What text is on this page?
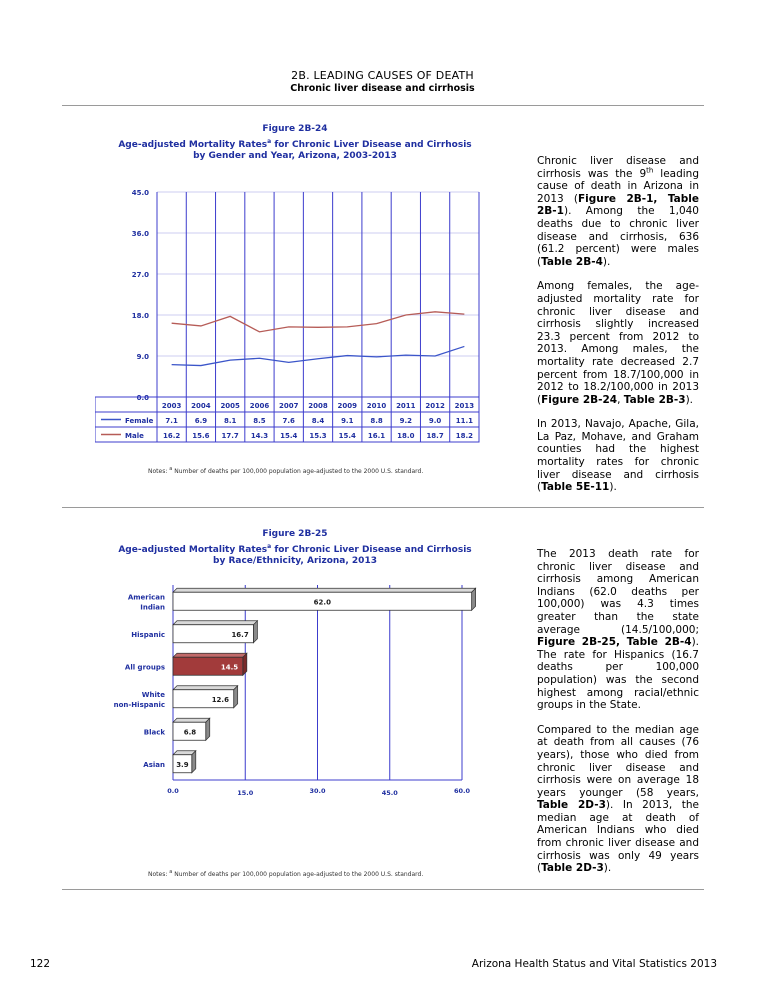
2B. LEADING CAUSES OF DEATH
Chronic liver disease and cirrhosis
Figure 2B-24
Age-adjusted Mortality Rates$^a$ for Chronic Liver Disease and Cirrhosis
by Gender and Year, Arizona, 2003-2013
0.0
9.0
18.0
27.0
36.0
45.0
2003 2004 2005 2006 2007 2008 2009 2010 2011 2012 2013
Female 7.1 6.9 8.1 8.5 7.6 8.4 9.1 8.8 9.2 9.0 11.1
Male	16.2 15.6 17.7 14.3 15.4 15.3 15.4 16.1 18.0 18.7 18.2
Notes: $^a$ Number of deaths per 100,000 population age-adjusted to the 2000 U.S. standard.
Figure 2B-25
Age-adjusted Mortality Rates$^a$ for Chronic Liver Disease and Cirrhosis
by Race/Ethnicity, Arizona, 2013
0.0	15.0	30.0	45.0	60.0
62.0
American
Indian
16.7
Hispanic
14.5
All groups
12.6
White
non-Hispanic
6.8
Black
3.9
Asian
Notes: $^a$ Number of deaths per 100,000 population age-adjusted to the 2000 U.S. standard.

Chronic liver disease and cirrhosis was the 9th leading cause of death in Arizona in 2013 (Figure 2B-1, Table 2B-1). Among the 1,040 deaths due to chronic liver disease and cirrhosis, 636 (61.2 percent) were males (Table 2B-4).

Among females, the age-adjusted mortality rate for chronic liver disease and cirrhosis slightly increased 23.3 percent from 2012 to 2013. Among males, the mortality rate decreased 2.7 percent from 18.7/100,000 in 2012 to 18.2/100,000 in 2013 (Figure 2B-24, Table 2B-3).

In 2013, Navajo, Apache, Gila, La Paz, Mohave, and Graham counties had the highest mortality rates for chronic liver disease and cirrhosis (Table 5E-11).

The 2013 death rate for chronic liver disease and cirrhosis among American Indians (62.0 deaths per 100,000) was 4.3 times greater than the state average (14.5/100,000; Figure 2B-25, Table 2B-4). The rate for Hispanics (16.7 deaths per 100,000 population) was the second highest among racial/ethnic groups in the State.

Compared to the median age at death from all causes (76 years), those who died from chronic liver disease and cirrhosis were on average 18 years younger (58 years, Table 2D-3). In 2013, the median age at death of American Indians who died from chronic liver disease and cirrhosis was only 49 years (Table 2D-3).

122	Arizona Health Status and Vital Statistics 2013
